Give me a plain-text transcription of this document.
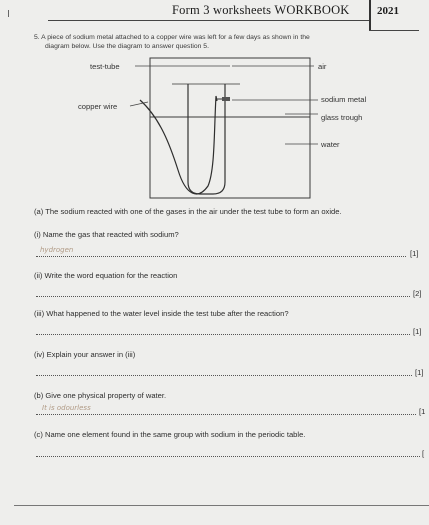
Form 3 worksheets WORKBOOK 2021
5. A piece of sodium metal attached to a copper wire was left for a few days as shown in the
diagram below. Use the diagram to answer question 5.
test-tube	air
copper wire
sodium metal
glass trough
water
(a) The sodium reacted with one of the gases in the air under the test tube to form an oxide.
(i) Name the gas that reacted with sodium?
hydrogen	[1]
(ii) Write the word equation for the reaction
[2]
(iii) What happened to the water level inside the test tube after the reaction?
[1]
(iv) Explain your answer in (iii)
[1]
(b) Give one physical property of water.
It is odourless	[1
(c) Name one element found in the same group with sodium in the periodic table.
[
